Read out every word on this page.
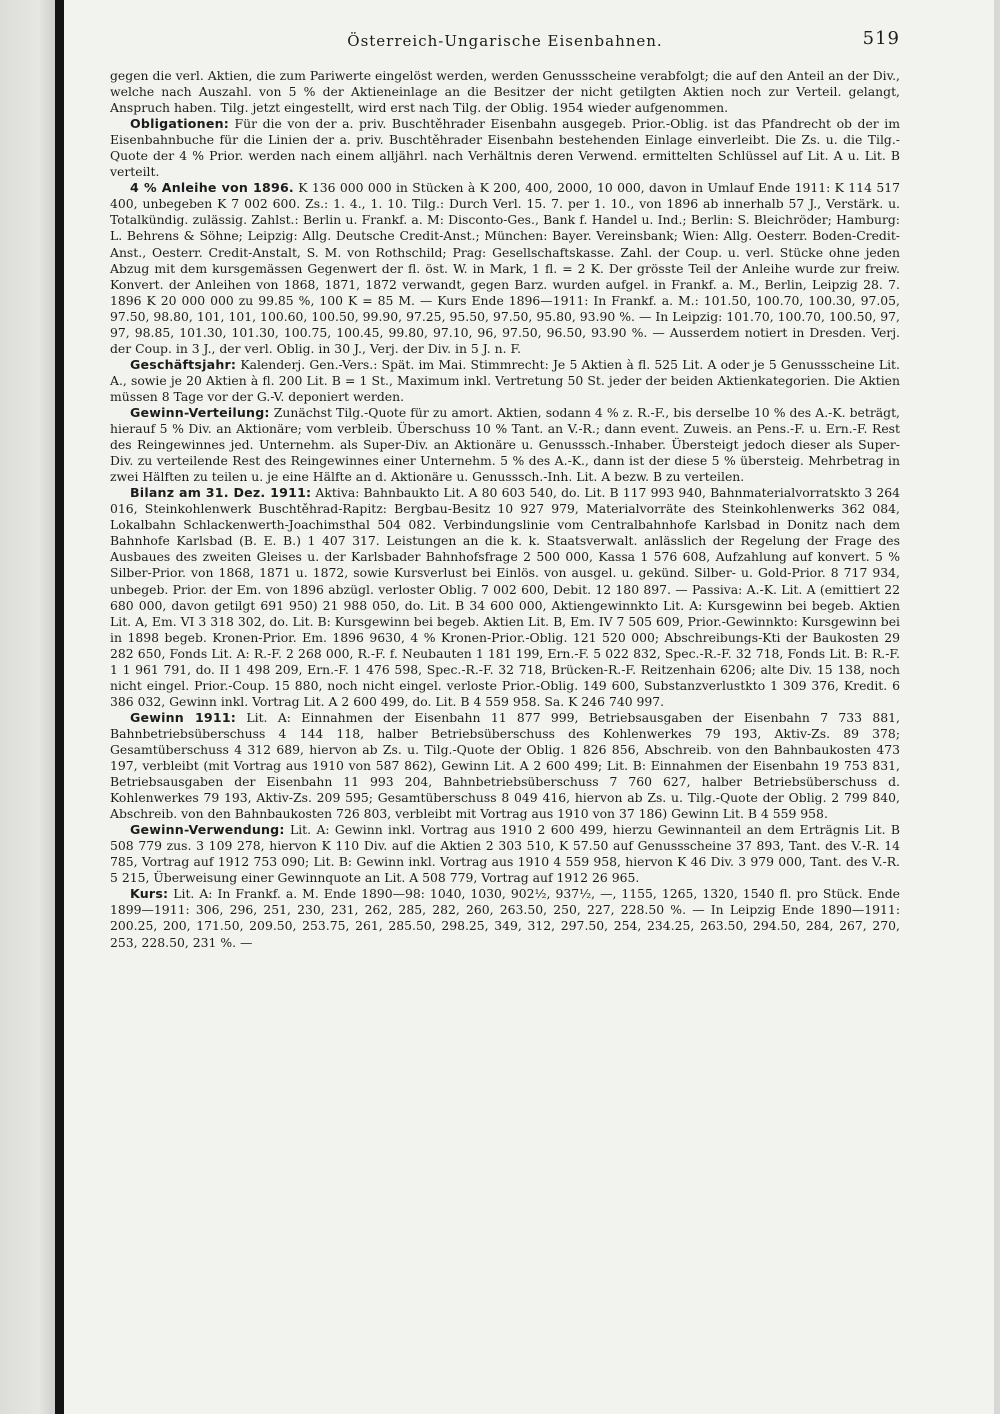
Österreich-Ungarische Eisenbahnen.	519

gegen die verl. Aktien, die zum Pariwerte eingelöst werden, werden Genussscheine verabfolgt; die auf den Anteil an der Div., welche nach Auszahl. von 5 % der Aktieneinlage an die Besitzer der nicht getilgten Aktien noch zur Verteil. gelangt, Anspruch haben. Tilg. jetzt eingestellt, wird erst nach Tilg. der Oblig. 1954 wieder aufgenommen.

Obligationen: Für die von der a. priv. Buschtěhrader Eisenbahn ausgegeb. Prior.-Oblig. ist das Pfandrecht ob der im Eisenbahnbuche für die Linien der a. priv. Buschtěhrader Eisenbahn bestehenden Einlage einverleibt. Die Zs. u. die Tilg.-Quote der 4 % Prior. werden nach einem alljährl. nach Verhältnis deren Verwend. ermittelten Schlüssel auf Lit. A u. Lit. B verteilt.

4 % Anleihe von 1896. K 136 000 000 in Stücken à K 200, 400, 2000, 10 000, davon in Umlauf Ende 1911: K 114 517 400, unbegeben K 7 002 600. Zs.: 1. 4., 1. 10. Tilg.: Durch Verl. 15. 7. per 1. 10., von 1896 ab innerhalb 57 J., Verstärk. u. Totalkündig. zulässig. Zahlst.: Berlin u. Frankf. a. M: Disconto-Ges., Bank f. Handel u. Ind.; Berlin: S. Bleichröder; Hamburg: L. Behrens & Söhne; Leipzig: Allg. Deutsche Credit-Anst.; München: Bayer. Vereinsbank; Wien: Allg. Oesterr. Boden-Credit-Anst., Oesterr. Credit-Anstalt, S. M. von Rothschild; Prag: Gesellschaftskasse. Zahl. der Coup. u. verl. Stücke ohne jeden Abzug mit dem kursgemässen Gegenwert der fl. öst. W. in Mark, 1 fl. = 2 K. Der grösste Teil der Anleihe wurde zur freiw. Konvert. der Anleihen von 1868, 1871, 1872 verwandt, gegen Barz. wurden aufgel. in Frankf. a. M., Berlin, Leipzig 28. 7. 1896 K 20 000 000 zu 99.85 %, 100 K = 85 M. — Kurs Ende 1896—1911: In Frankf. a. M.: 101.50, 100.70, 100.30, 97.05, 97.50, 98.80, 101, 101, 100.60, 100.50, 99.90, 97.25, 95.50, 97.50, 95.80, 93.90 %. — In Leipzig: 101.70, 100.70, 100.50, 97, 97, 98.85, 101.30, 101.30, 100.75, 100.45, 99.80, 97.10, 96, 97.50, 96.50, 93.90 %. — Ausserdem notiert in Dresden. Verj. der Coup. in 3 J., der verl. Oblig. in 30 J., Verj. der Div. in 5 J. n. F.

Geschäftsjahr: Kalenderj. Gen.-Vers.: Spät. im Mai. Stimmrecht: Je 5 Aktien à fl. 525 Lit. A oder je 5 Genussscheine Lit. A., sowie je 20 Aktien à fl. 200 Lit. B = 1 St., Maximum inkl. Vertretung 50 St. jeder der beiden Aktienkategorien. Die Aktien müssen 8 Tage vor der G.-V. deponiert werden.

Gewinn-Verteilung: Zunächst Tilg.-Quote für zu amort. Aktien, sodann 4 % z. R.-F., bis derselbe 10 % des A.-K. beträgt, hierauf 5 % Div. an Aktionäre; vom verbleib. Überschuss 10 % Tant. an V.-R.; dann event. Zuweis. an Pens.-F. u. Ern.-F. Rest des Reingewinnes jed. Unternehm. als Super-Div. an Aktionäre u. Genusssch.-Inhaber. Übersteigt jedoch dieser als Super-Div. zu verteilende Rest des Reingewinnes einer Unternehm. 5 % des A.-K., dann ist der diese 5 % übersteig. Mehrbetrag in zwei Hälften zu teilen u. je eine Hälfte an d. Aktionäre u. Genusssch.-Inh. Lit. A bezw. B zu verteilen.

Bilanz am 31. Dez. 1911: Aktiva: Bahnbaukto Lit. A 80 603 540, do. Lit. B 117 993 940, Bahnmaterialvorratskto 3 264 016, Steinkohlenwerk Buschtěhrad-Rapitz: Bergbau-Besitz 10 927 979, Materialvorräte des Steinkohlenwerks 362 084, Lokalbahn Schlackenwerth-Joachimsthal 504 082. Verbindungslinie vom Centralbahnhofe Karlsbad in Donitz nach dem Bahnhofe Karlsbad (B. E. B.) 1 407 317. Leistungen an die k. k. Staatsverwalt. anlässlich der Regelung der Frage des Ausbaues des zweiten Gleises u. der Karlsbader Bahnhofsfrage 2 500 000, Kassa 1 576 608, Aufzahlung auf konvert. 5 % Silber-Prior. von 1868, 1871 u. 1872, sowie Kursverlust bei Einlös. von ausgel. u. gekünd. Silber- u. Gold-Prior. 8 717 934, unbegeb. Prior. der Em. von 1896 abzügl. verloster Oblig. 7 002 600, Debit. 12 180 897. — Passiva: A.-K. Lit. A (emittiert 22 680 000, davon getilgt 691 950) 21 988 050, do. Lit. B 34 600 000, Aktiengewinnkto Lit. A: Kursgewinn bei begeb. Aktien Lit. A, Em. VI 3 318 302, do. Lit. B: Kursgewinn bei begeb. Aktien Lit. B, Em. IV 7 505 609, Prior.-Gewinnkto: Kursgewinn bei in 1898 begeb. Kronen-Prior. Em. 1896 9630, 4 % Kronen-Prior.-Oblig. 121 520 000; Abschreibungs-Kti der Baukosten 29 282 650, Fonds Lit. A: R.-F. 2 268 000, R.-F. f. Neubauten 1 181 199, Ern.-F. 5 022 832, Spec.-R.-F. 32 718, Fonds Lit. B: R.-F. 1 1 961 791, do. II 1 498 209, Ern.-F. 1 476 598, Spec.-R.-F. 32 718, Brücken-R.-F. Reitzenhain 6206; alte Div. 15 138, noch nicht eingel. Prior.-Coup. 15 880, noch nicht eingel. verloste Prior.-Oblig. 149 600, Substanzverlustkto 1 309 376, Kredit. 6 386 032, Gewinn inkl. Vortrag Lit. A 2 600 499, do. Lit. B 4 559 958. Sa. K 246 740 997.

Gewinn 1911: Lit. A: Einnahmen der Eisenbahn 11 877 999, Betriebsausgaben der Eisenbahn 7 733 881, Bahnbetriebsüberschuss 4 144 118, halber Betriebsüberschuss des Kohlenwerkes 79 193, Aktiv-Zs. 89 378; Gesamtüberschuss 4 312 689, hiervon ab Zs. u. Tilg.-Quote der Oblig. 1 826 856, Abschreib. von den Bahnbaukosten 473 197, verbleibt (mit Vortrag aus 1910 von 587 862), Gewinn Lit. A 2 600 499; Lit. B: Einnahmen der Eisenbahn 19 753 831, Betriebsausgaben der Eisenbahn 11 993 204, Bahnbetriebsüberschuss 7 760 627, halber Betriebsüberschuss d. Kohlenwerkes 79 193, Aktiv-Zs. 209 595; Gesamtüberschuss 8 049 416, hiervon ab Zs. u. Tilg.-Quote der Oblig. 2 799 840, Abschreib. von den Bahnbaukosten 726 803, verbleibt mit Vortrag aus 1910 von 37 186) Gewinn Lit. B 4 559 958.

Gewinn-Verwendung: Lit. A: Gewinn inkl. Vortrag aus 1910 2 600 499, hierzu Gewinnanteil an dem Erträgnis Lit. B 508 779 zus. 3 109 278, hiervon K 110 Div. auf die Aktien 2 303 510, K 57.50 auf Genussscheine 37 893, Tant. des V.-R. 14 785, Vortrag auf 1912 753 090; Lit. B: Gewinn inkl. Vortrag aus 1910 4 559 958, hiervon K 46 Div. 3 979 000, Tant. des V.-R. 5 215, Überweisung einer Gewinnquote an Lit. A 508 779, Vortrag auf 1912 26 965.

Kurs: Lit. A: In Frankf. a. M. Ende 1890—98: 1040, 1030, 902½, 937½, —, 1155, 1265, 1320, 1540 fl. pro Stück. Ende 1899—1911: 306, 296, 251, 230, 231, 262, 285, 282, 260, 263.50, 250, 227, 228.50 %. — In Leipzig Ende 1890—1911: 200.25, 200, 171.50, 209.50, 253.75, 261, 285.50, 298.25, 349, 312, 297.50, 254, 234.25, 263.50, 294.50, 284, 267, 270, 253, 228.50, 231 %. —
